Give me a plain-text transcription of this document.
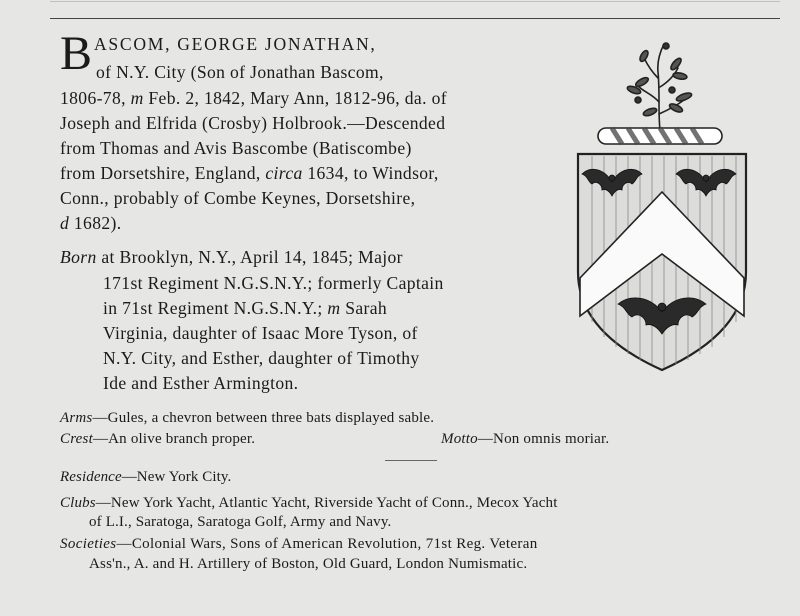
B ASCOM, GEORGE JONATHAN,
of N.Y. City (Son of Jonathan Bascom,
1806-78, m Feb. 2, 1842, Mary Ann, 1812-96, da. of
Joseph and Elfrida (Crosby) Holbrook.—Descended
from Thomas and Avis Bascombe (Batiscombe)
from Dorsetshire, England, circa 1634, to Windsor,
Conn., probably of Combe Keynes, Dorsetshire,
d 1682).
Born at Brooklyn, N.Y., April 14, 1845; Major
171st Regiment N.G.S.N.Y.; formerly Captain
in 71st Regiment N.G.S.N.Y.; m Sarah
Virginia, daughter of Isaac More Tyson, of
N.Y. City, and Esther, daughter of Timothy
Ide and Esther Armington.
Arms—Gules, a chevron between three bats displayed sable.
Crest—An olive branch proper.	Motto—Non omnis moriar.
Residence—New York City.
Clubs—New York Yacht, Atlantic Yacht, Riverside Yacht of Conn., Mecox Yacht
of L.I., Saratoga, Saratoga Golf, Army and Navy.
Societies—Colonial Wars, Sons of American Revolution, 71st Reg. Veteran
Ass'n., A. and H. Artillery of Boston, Old Guard, London Numismatic.
